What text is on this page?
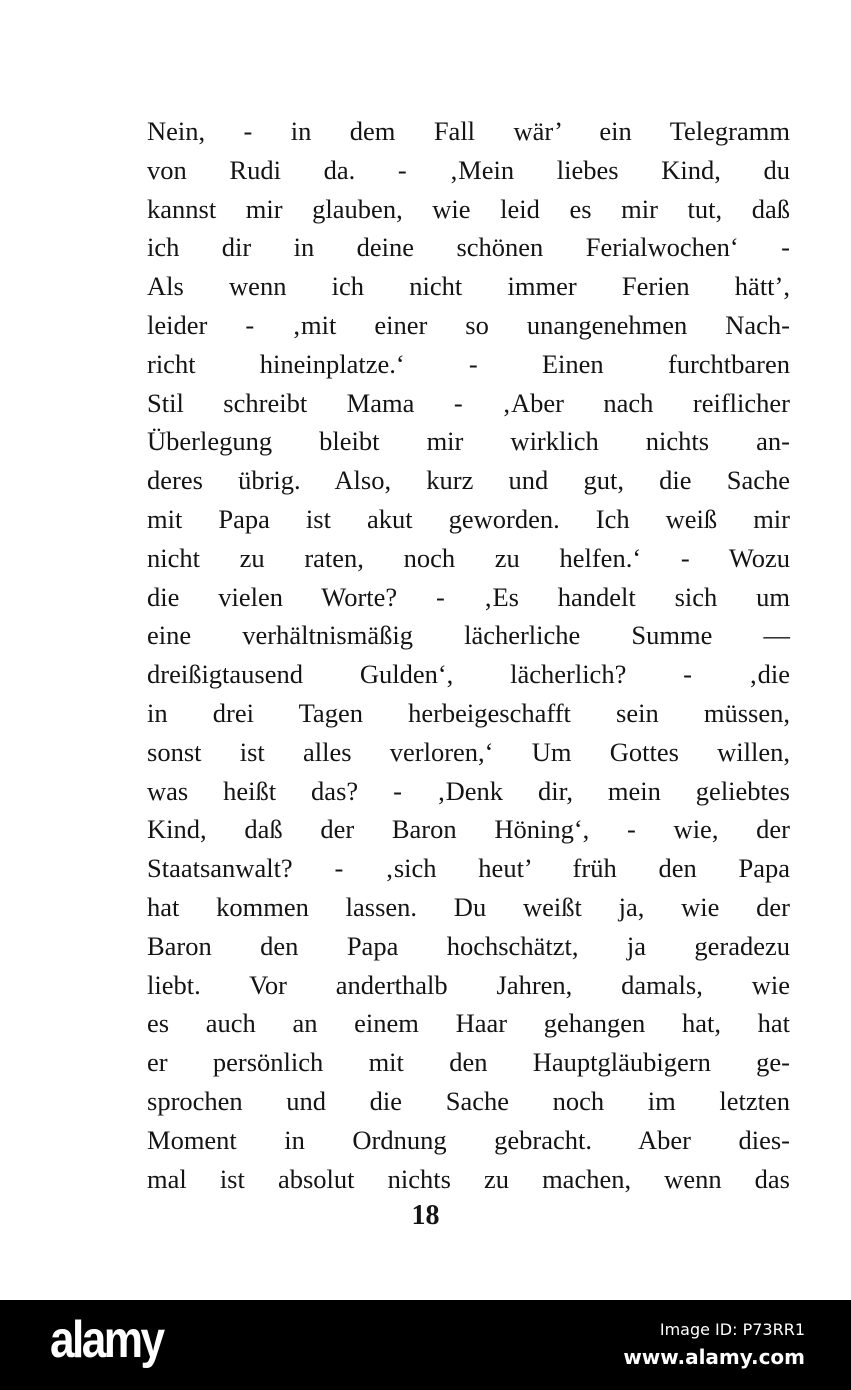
Nein, - in dem Fall wär’ ein Telegramm
von Rudi da. - ‚Mein liebes Kind, du
kannst mir glauben, wie leid es mir tut, daß
ich dir in deine schönen Ferialwochen‘ -
Als wenn ich nicht immer Ferien hätt’,
leider - ‚mit einer so unangenehmen Nach-
richt hineinplatze.‘ - Einen furchtbaren
Stil schreibt Mama - ‚Aber nach reiflicher
Überlegung bleibt mir wirklich nichts an-
deres übrig. Also, kurz und gut, die Sache
mit Papa ist akut geworden. Ich weiß mir
nicht zu raten, noch zu helfen.‘ - Wozu
die vielen Worte? - ‚Es handelt sich um
eine verhältnismäßig lächerliche Summe —
dreißigtausend Gulden‘, lächerlich? - ‚die
in drei Tagen herbeigeschafft sein müssen,
sonst ist alles verloren,‘ Um Gottes willen,
was heißt das? - ‚Denk dir, mein geliebtes
Kind, daß der Baron Höning‘, - wie, der
Staatsanwalt? - ‚sich heut’ früh den Papa
hat kommen lassen. Du weißt ja, wie der
Baron den Papa hochschätzt, ja geradezu
liebt. Vor anderthalb Jahren, damals, wie
es auch an einem Haar gehangen hat, hat
er persönlich mit den Hauptgläubigern ge-
sprochen und die Sache noch im letzten
Moment in Ordnung gebracht. Aber dies-
mal ist absolut nichts zu machen, wenn das
18
alamy	Image ID: P73RR1
www.alamy.com
